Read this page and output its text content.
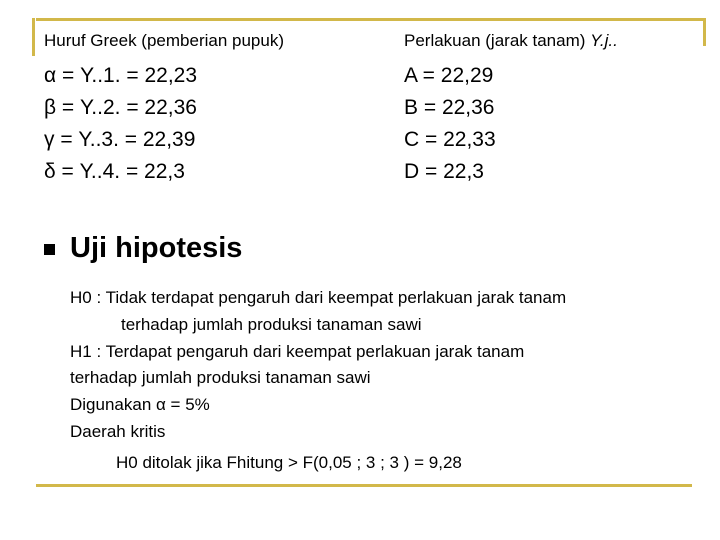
Huruf Greek (pemberian pupuk)
α = Y..1. = 22,23
β = Y..2. = 22,36
γ = Y..3. = 22,39
δ = Y..4. = 22,3
Perlakuan (jarak tanam) Y.j..
A = 22,29
B = 22,36
C = 22,33
D = 22,3
Uji hipotesis
H0 : Tidak terdapat pengaruh dari keempat perlakuan jarak tanam
terhadap jumlah produksi tanaman sawi
H1 : Terdapat pengaruh dari keempat perlakuan jarak tanam
terhadap jumlah produksi tanaman sawi
Digunakan α = 5%
Daerah kritis
H0 ditolak jika Fhitung > F(0,05 ; 3 ; 3 ) = 9,28
